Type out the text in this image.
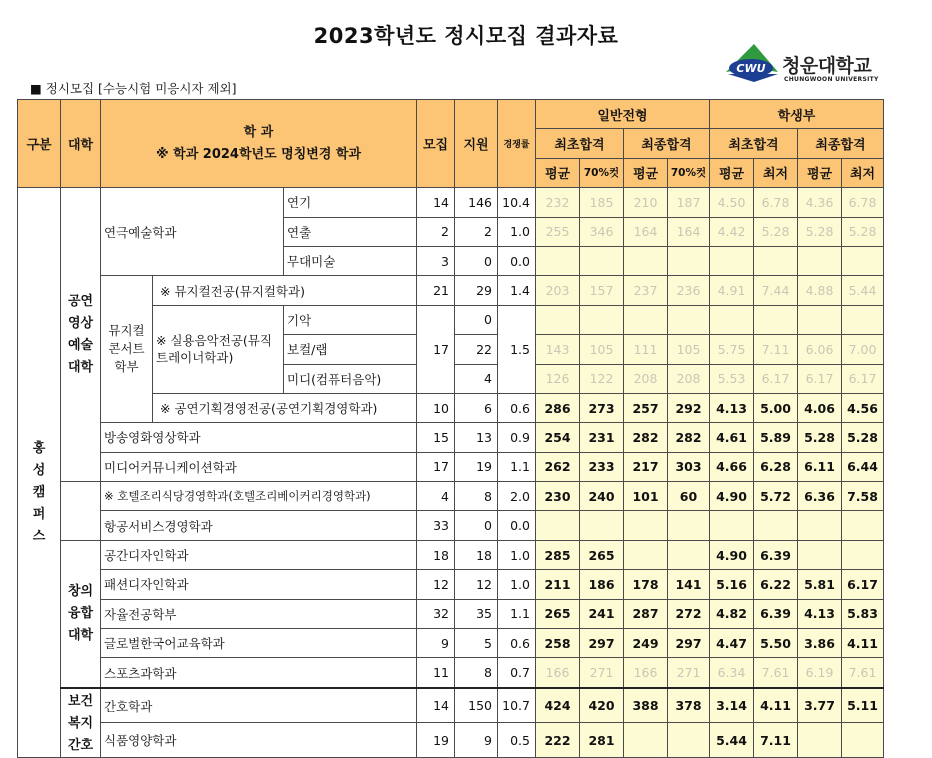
2023학년도 정시모집 결과자료
CWU 청운대학교
CHUNGWOON UNIVERSITY
■ 정시모집 [수능시험 미응시자 제외]
구분	대학	학 과
※ 학과 2024학년도 명칭변경 학과			모집	지원	경쟁률	일반전형				학생부			
								최초합격		최종합격		최초합격		최종합격	
								평균	70%컷	평균	70%컷	평균	최저	평균	최저

홍성캠퍼스	공연영상예술대학	연극예술학과		연기	14	146	10.4	232	185	210	187	4.50	6.78	4.36	6.78
				연출	2	2	1.0	255	346	164	164	4.42	5.28	5.28	5.28
				무대미술	3	0	0.0								

		뮤지컬콘서트학부	※ 뮤지컬전공(뮤지컬학과)		21	29	1.4	203	157	237	236	4.91	7.44	4.88	5.44

			※ 실용음악전공(뮤직트레이너학과)	기악	17	0	1.5								
				보컬/랩		22		143	105	111	105	5.75	7.11	6.06	7.00
				미디(컴퓨터음악)		4		126	122	208	208	5.53	6.17	6.17	6.17
			※ 공연기획경영전공(공연기획경영학과)		10	6	0.6	286	273	257	292	4.13	5.00	4.06	4.56
		방송영화영상학과			15	13	0.9	254	231	282	282	4.61	5.89	5.28	5.28
		미디어커뮤니케이션학과			17	19	1.1	262	233	217	303	4.66	6.28	6.11	6.44
		※ 호텔조리식당경영학과(호텔조리베이커리경영학과)			4	8	2.0	230	240	101	60	4.90	5.72	6.36	7.58
		항공서비스경영학과			33	0	0.0								

	창의융합대학	공간디자인학과			18	18	1.0	285	265			4.90	6.39		
		패션디자인학과			12	12	1.0	211	186	178	141	5.16	6.22	5.81	6.17
		자율전공학부			32	35	1.1	265	241	287	272	4.82	6.39	4.13	5.83
		글로벌한국어교육학과			9	5	0.6	258	297	249	297	4.47	5.50	3.86	4.11
		스포츠과학과			11	8	0.7	166	271	166	271	6.34	7.61	6.19	7.61

	보건복지간호	간호학과			14	150	10.7	424	420	388	378	3.14	4.11	3.77	5.11
		식품영양학과			19	9	0.5	222	281			5.44	7.11		
